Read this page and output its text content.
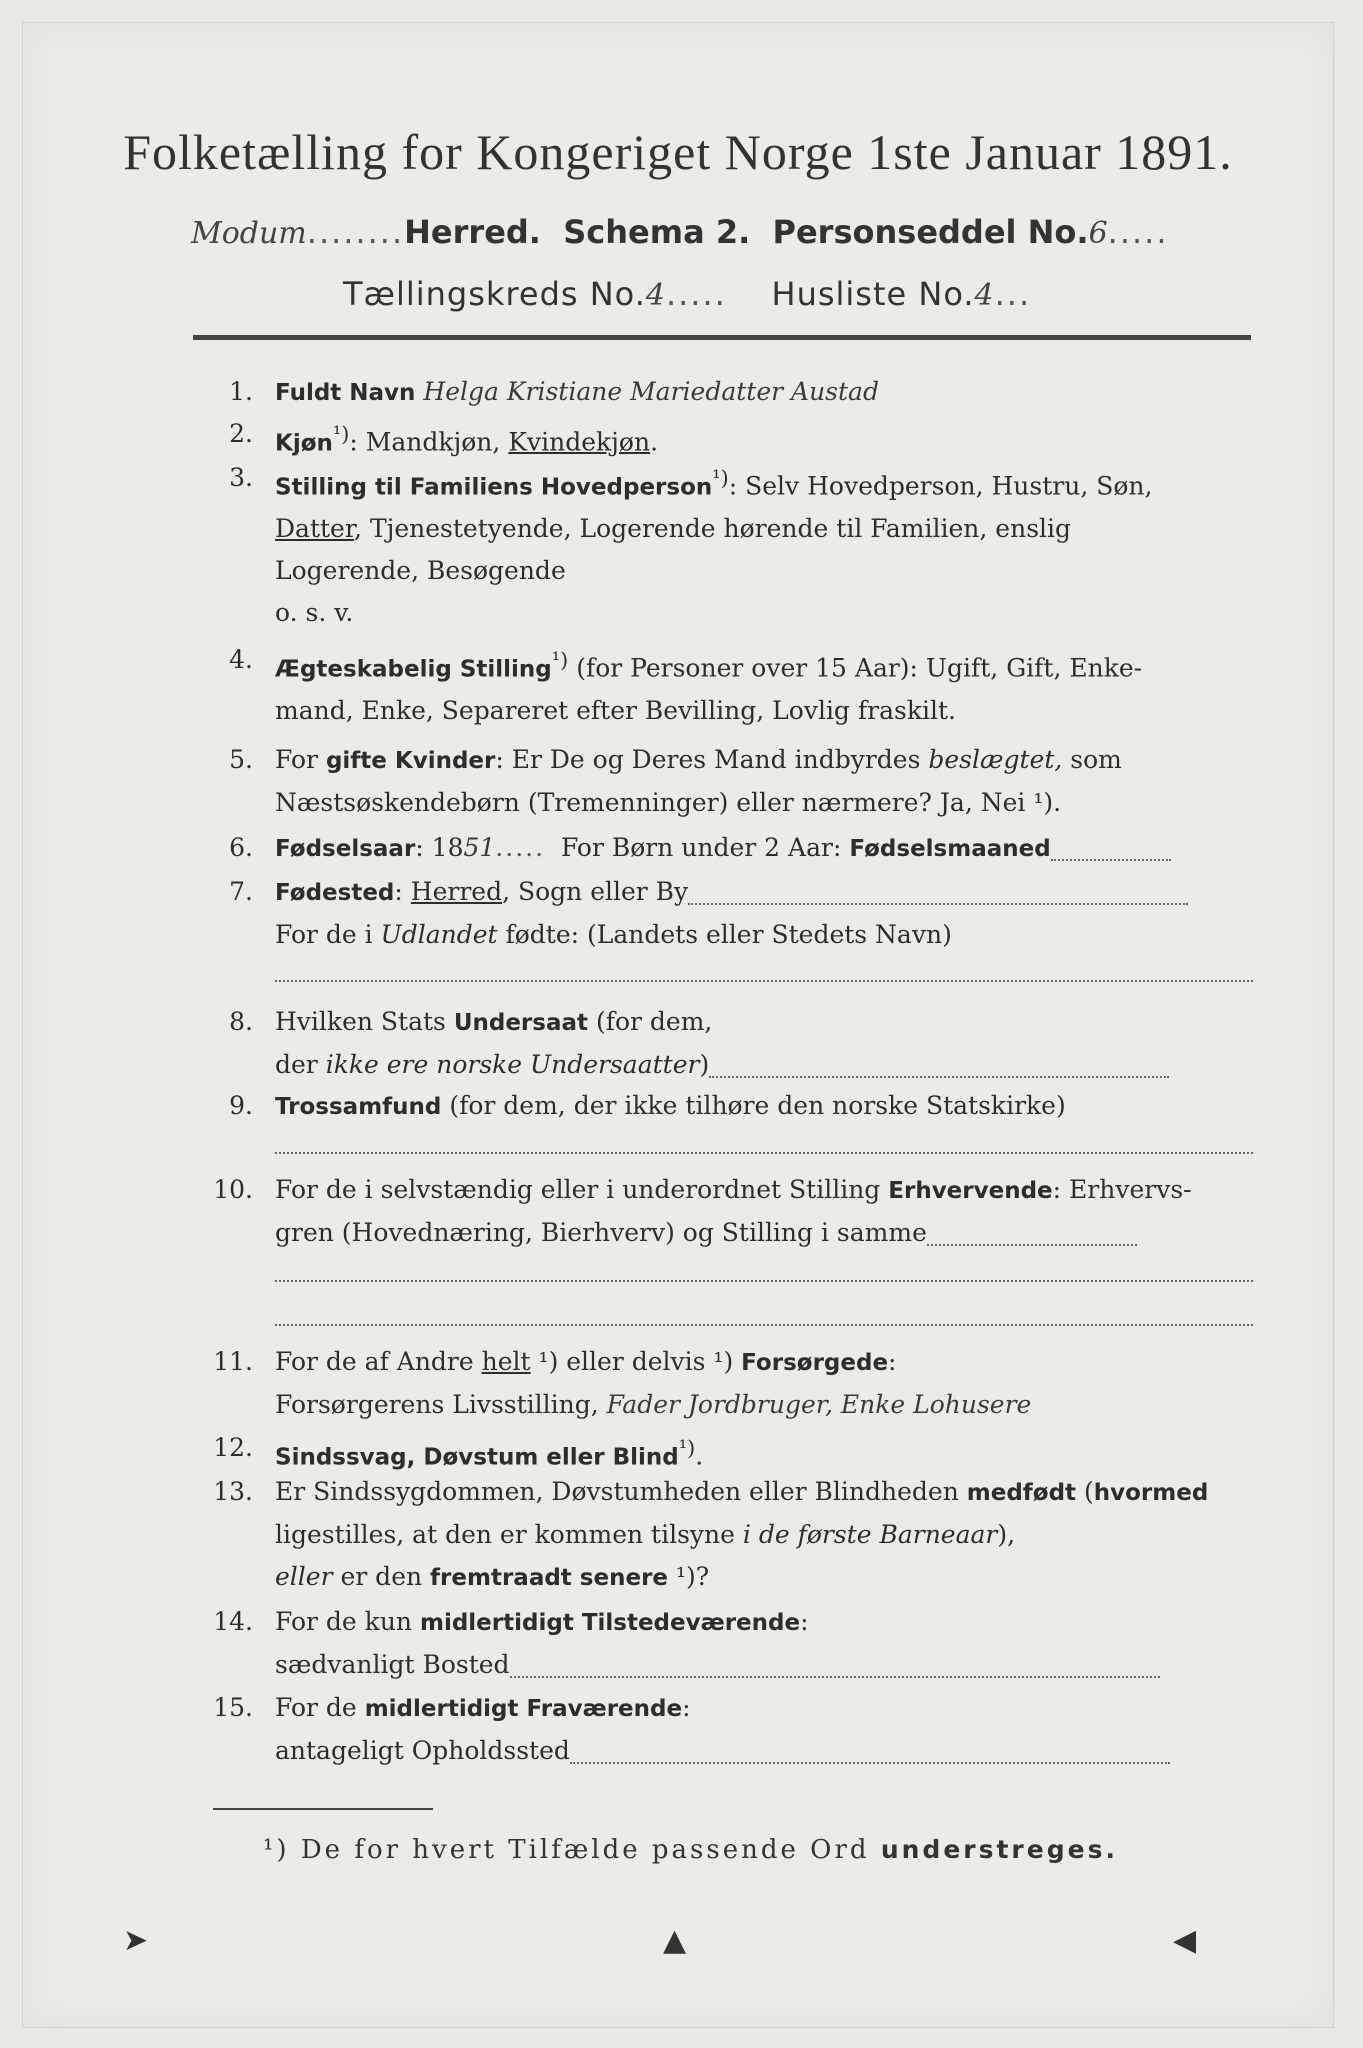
Folketælling for Kongeriget Norge 1ste Januar 1891.
Modum........Herred. Schema 2. Personseddel No.6.....
Tællingskreds No.4..... Husliste No.4...
1. Fuldt Navn Helga Kristiane Mariedatter Austad
2. Kjøn$^{^1)}$: Mandkjøn, Kvindekjøn.
3. Stilling til Familiens Hovedperson$^{^1)}$: Selv Hovedperson, Hustru, Søn,
Datter, Tjenestetyende, Logerende hørende til Familien, enslig
Logerende, Besøgende
o. s. v.
4. Ægteskabelig Stilling$^{^1)}$ (for Personer over 15 Aar): Ugift, Gift, Enke-
mand, Enke, Separeret efter Bevilling, Lovlig fraskilt.
5. For gifte Kvinder: Er De og Deres Mand indbyrdes beslægtet, som
Næstsøskendebørn (Tremenninger) eller nærmere? Ja, Nei ¹).
6. Fødselsaar: 1851..... For Børn under 2 Aar: Fødselsmaaned
7. Fødested: Herred, Sogn eller By
For de i Udlandet fødte: (Landets eller Stedets Navn)
8. Hvilken Stats Undersaat (for dem,
der ikke ere norske Undersaatter)
9. Trossamfund (for dem, der ikke tilhøre den norske Statskirke)
10. For de i selvstændig eller i underordnet Stilling Erhvervende: Erhvervs-
gren (Hovednæring, Bierhverv) og Stilling i samme
11. For de af Andre helt ¹) eller delvis ¹) Forsørgede:
Forsørgerens Livsstilling, Fader Jordbruger, Enke Lohusere
12. Sindssvag, Døvstum eller Blind$^{^1)}$.
13. Er Sindssygdommen, Døvstumheden eller Blindheden medfødt (hvormed
ligestilles, at den er kommen tilsyne i de første Barneaar),
eller er den fremtraadt senere ¹)?
14. For de kun midlertidigt Tilstedeværende:
sædvanligt Bosted
15. For de midlertidigt Fraværende:
antageligt Opholdssted
¹) De for hvert Tilfælde passende Ord understreges.
➤	▲	◀
